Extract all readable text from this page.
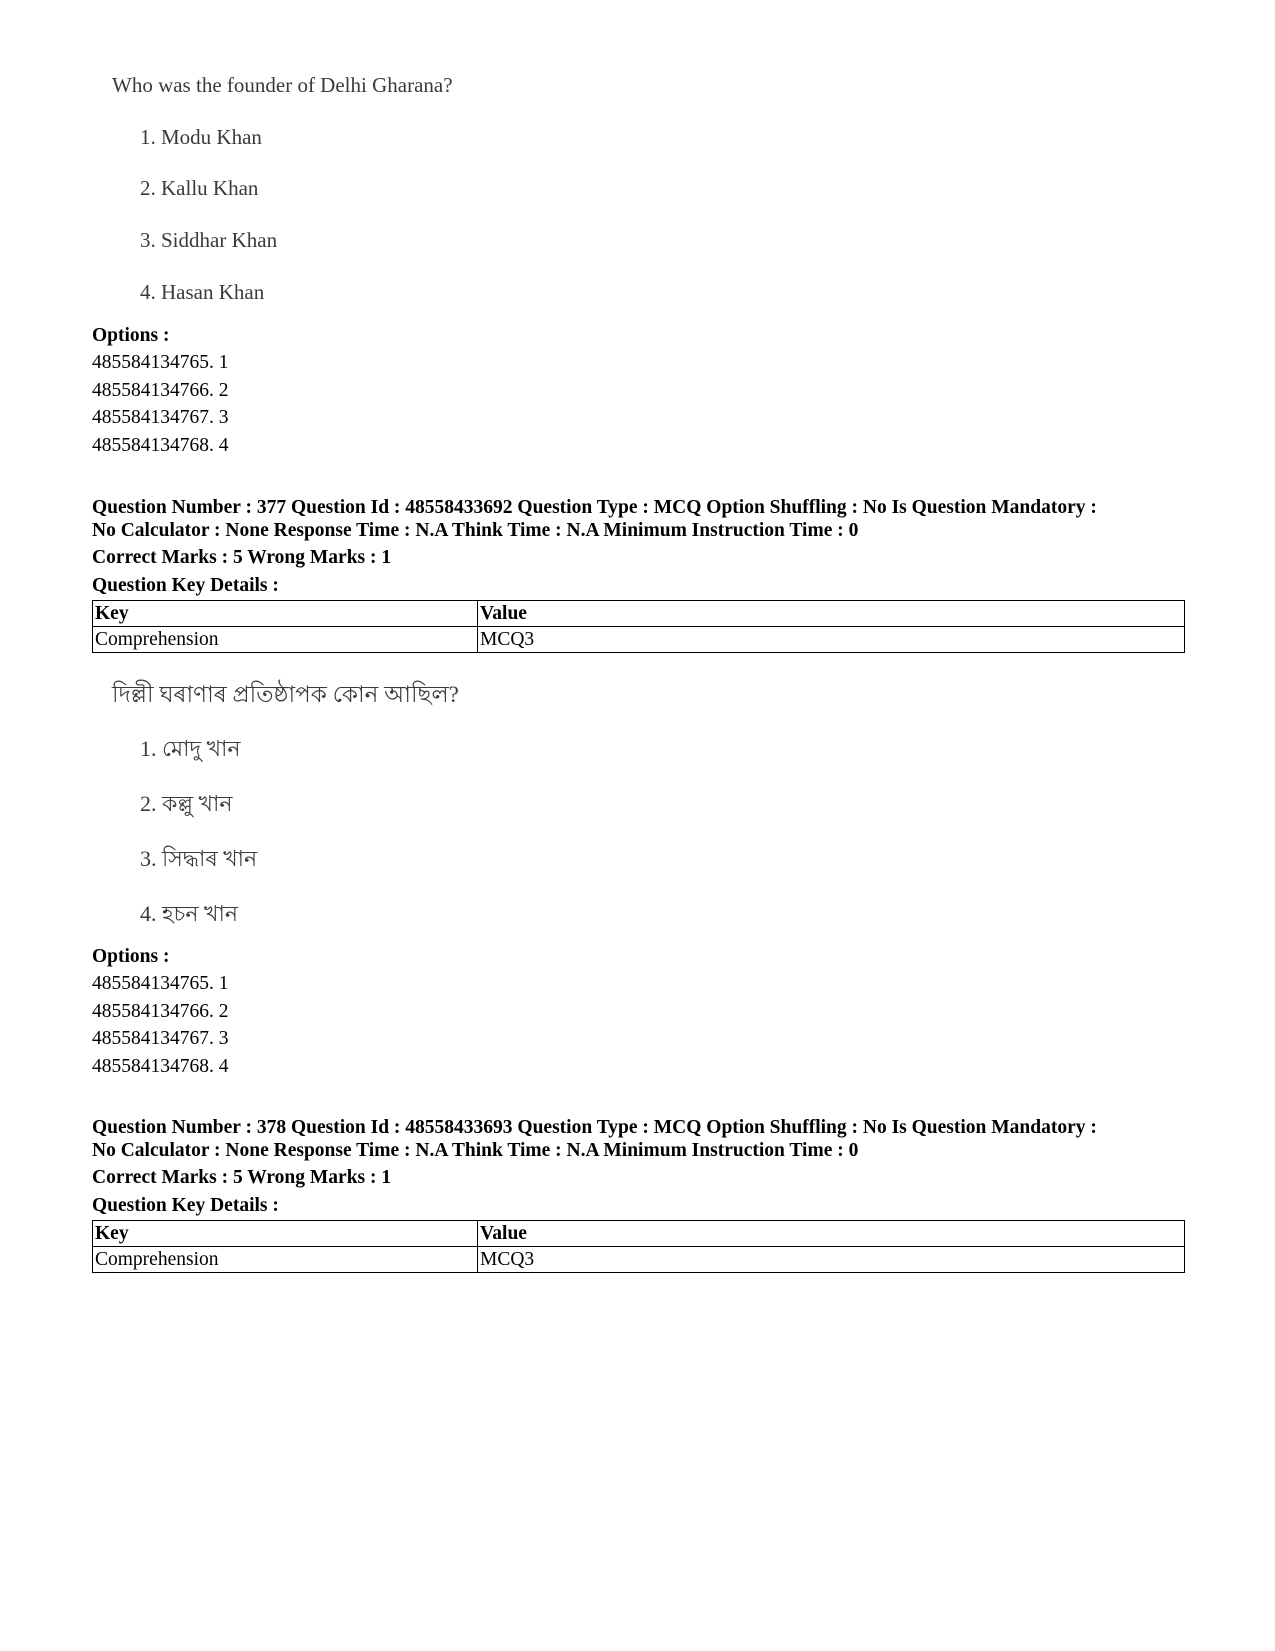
Who was the founder of Delhi Gharana?
1. Modu Khan
2. Kallu Khan
3. Siddhar Khan
4. Hasan Khan
Options :
485584134765. 1
485584134766. 2
485584134767. 3
485584134768. 4
Question Number : 377 Question Id : 48558433692 Question Type : MCQ Option Shuffling : No Is Question Mandatory :
No Calculator : None Response Time : N.A Think Time : N.A Minimum Instruction Time : 0
Correct Marks : 5 Wrong Marks : 1
Question Key Details :
Key	Value
Comprehension	MCQ3
দিল্লী ঘৰাণাৰ প্ৰতিষ্ঠাপক কোন আছিল?
1. মোদু খান
2. কল্লু খান
3. সিদ্ধাৰ খান
4. হচন খান
Options :
485584134765. 1
485584134766. 2
485584134767. 3
485584134768. 4
Question Number : 378 Question Id : 48558433693 Question Type : MCQ Option Shuffling : No Is Question Mandatory :
No Calculator : None Response Time : N.A Think Time : N.A Minimum Instruction Time : 0
Correct Marks : 5 Wrong Marks : 1
Question Key Details :
Key	Value
Comprehension	MCQ3
